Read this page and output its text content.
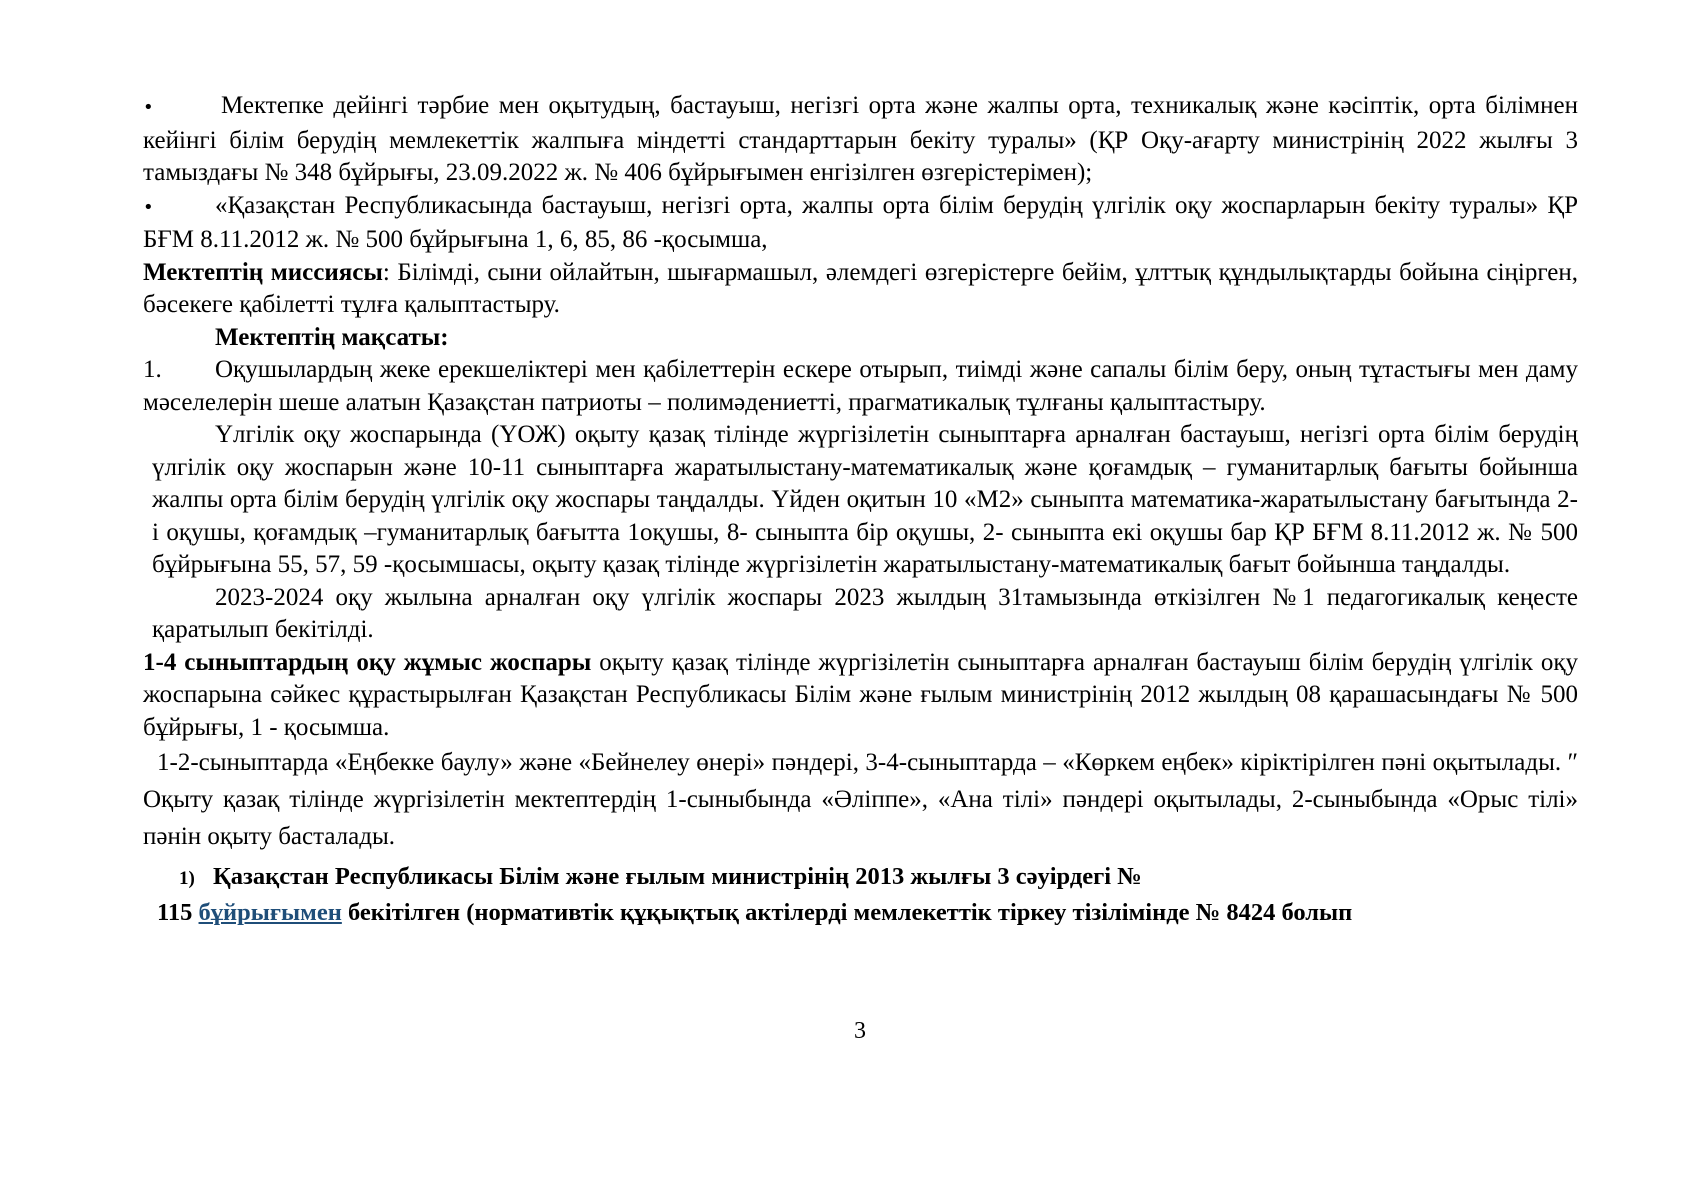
•	Мектепке дейінгі тәрбие мен оқытудың, бастауыш, негізгі орта және жалпы орта, техникалық және кәсіптік, орта білімнен кейінгі білім берудің мемлекеттік жалпыға міндетті стандарттарын бекіту туралы» (ҚР Оқу-ағарту министрінің 2022 жылғы 3 тамыздағы № 348 бұйрығы, 23.09.2022 ж. № 406 бұйрығымен енгізілген өзгерістерімен);

• «Қазақстан Республикасында бастауыш, негізгі орта, жалпы орта білім берудің үлгілік оқу жоспарларын бекіту туралы» ҚР БҒМ 8.11.2012 ж. № 500 бұйрығына 1, 6, 85, 86 -қосымша,

Мектептің миссиясы: Білімді, сыни ойлайтын, шығармашыл, әлемдегі өзгерістерге бейім, ұлттық құндылықтарды бойына сіңірген, бәсекеге қабілетті тұлға қалыптастыру.

Мектептің мақсаты:

1. Оқушылардың жеке ерекшеліктері мен қабілеттерін ескере отырып, тиімді және сапалы білім беру, оның тұтастығы мен даму мәселелерін шеше алатын Қазақстан патриоты – полимәдениетті, прагматикалық тұлғаны қалыптастыру.

Үлгілік оқу жоспарында (ҮОЖ) оқыту қазақ тілінде жүргізілетін сыныптарға арналған бастауыш, негізгі орта білім берудің үлгілік оқу жоспарын және 10-11 сыныптарға жаратылыстану-математикалық және қоғамдық – гуманитарлық бағыты бойынша жалпы орта білім берудің үлгілік оқу жоспары таңдалды. Үйден оқитын 10 «М2» сыныпта математика-жаратылыстану бағытында 2-і оқушы, қоғамдық –гуманитарлық бағытта 1оқушы, 8- сыныпта бір оқушы, 2- сыныпта екі оқушы бар ҚР БҒМ 8.11.2012 ж. № 500 бұйрығына 55, 57, 59 -қосымшасы, оқыту қазақ тілінде жүргізілетін жаратылыстану-математикалық бағыт бойынша таңдалды.

2023-2024 оқу жылына арналған оқу үлгілік жоспары 2023 жылдың 31тамызында өткізілген №1 педагогикалық кеңесте қаратылып бекітілді.

1-4 сыныптардың оқу жұмыс жоспары оқыту қазақ тілінде жүргізілетін сыныптарға арналған бастауыш білім берудің үлгілік оқу жоспарына сәйкес құрастырылған Қазақстан Республикасы Білім және ғылым министрінің 2012 жылдың 08 қарашасындағы № 500 бұйрығы, 1 - қосымша.

1-2-сыныптарда «Еңбекке баулу» және «Бейнелеу өнері» пәндері, 3-4-сыныптарда – «Көркем еңбек» кіріктірілген пәні оқытылады. ″ Оқыту қазақ тілінде жүргізілетін мектептердің 1-сыныбында «Әліппе», «Ана тілі» пәндері оқытылады, 2-сыныбында «Орыс тілі» пәнін оқыту басталады.

1) Қазақстан Республикасы Білім және ғылым министрінің 2013 жылғы 3 сәуірдегі №
115 бұйрығымен бекітілген (нормативтік құқықтық актілерді мемлекеттік тіркеу тізілімінде № 8424 болып
3
